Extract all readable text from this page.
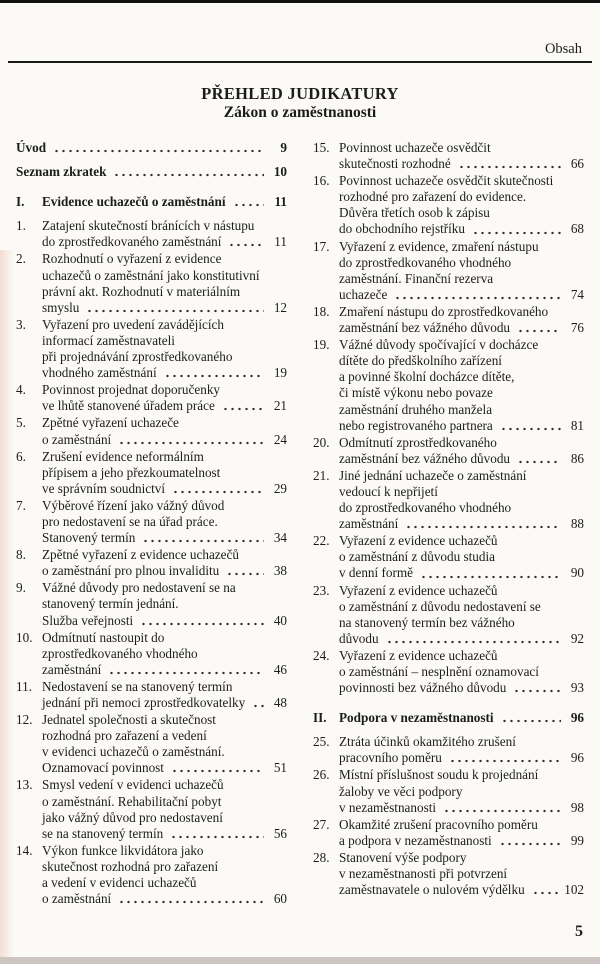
Obsah
PŘEHLED JUDIKATURY
Zákon o zaměstnanosti
Úvod	9
Seznam zkratek	10
I.	Evidence uchazečů o zaměstnání	11
1.	Zatajení skutečností bránících v nástupu
do zprostředkovaného zaměstnání	11
2.	Rozhodnutí o vyřazení z evidence
uchazečů o zaměstnání jako konstitutivní
právní akt. Rozhodnutí v materiálním
smyslu	12
3.	Vyřazení pro uvedení zavádějících
informací zaměstnavateli
při projednávání zprostředkovaného
vhodného zaměstnání	19
4.	Povinnost projednat doporučenky
ve lhůtě stanovené úřadem práce	21
5.	Zpětné vyřazení uchazeče
o zaměstnání	24
6.	Zrušení evidence neformálním
přípisem a jeho přezkoumatelnost
ve správním soudnictví	29
7.	Výběrové řízení jako vážný důvod
pro nedostavení se na úřad práce.
Stanovený termín	34
8.	Zpětné vyřazení z evidence uchazečů
o zaměstnání pro plnou invaliditu	38
9.	Vážné důvody pro nedostavení se na
stanovený termín jednání.
Služba veřejnosti	40
10. Odmítnutí nastoupit do
zprostředkovaného vhodného
zaměstnání	46
11. Nedostavení se na stanovený termín
jednání při nemoci zprostředkovatelky	48
12. Jednatel společnosti a skutečnost
rozhodná pro zařazení a vedení
v evidenci uchazečů o zaměstnání.
Oznamovací povinnost	51
13. Smysl vedení v evidenci uchazečů
o zaměstnání. Rehabilitační pobyt
jako vážný důvod pro nedostavení
se na stanovený termín	56
14. Výkon funkce likvidátora jako
skutečnost rozhodná pro zařazení
a vedení v evidenci uchazečů
o zaměstnání	60
15. Povinnost uchazeče osvědčit
skutečnosti rozhodné	66
16. Povinnost uchazeče osvědčit skutečnosti
rozhodné pro zařazení do evidence.
Důvěra třetích osob k zápisu
do obchodního rejstříku	68
17. Vyřazení z evidence, zmaření nástupu
do zprostředkovaného vhodného
zaměstnání. Finanční rezerva
uchazeče	74
18. Zmaření nástupu do zprostředkovaného
zaměstnání bez vážného důvodu	76
19. Vážné důvody spočívající v docházce
dítěte do předškolního zařízení
a povinné školní docházce dítěte,
či místě výkonu nebo povaze
zaměstnání druhého manžela
nebo registrovaného partnera	81
20. Odmítnutí zprostředkovaného
zaměstnání bez vážného důvodu	86
21. Jiné jednání uchazeče o zaměstnání
vedoucí k nepřijetí
do zprostředkovaného vhodného
zaměstnání	88
22. Vyřazení z evidence uchazečů
o zaměstnání z důvodu studia
v denní formě	90
23. Vyřazení z evidence uchazečů
o zaměstnání z důvodu nedostavení se
na stanovený termín bez vážného
důvodu	92
24. Vyřazení z evidence uchazečů
o zaměstnání – nesplnění oznamovací
povinnosti bez vážného důvodu	93
II. Podpora v nezaměstnanosti	96
25. Ztráta účinků okamžitého zrušení
pracovního poměru	96
26. Místní příslušnost soudu k projednání
žaloby ve věci podpory
v nezaměstnanosti	98
27. Okamžité zrušení pracovního poměru
a podpora v nezaměstnanosti	99
28. Stanovení výše podpory
v nezaměstnanosti při potvrzení
zaměstnavatele o nulovém výdělku	102
5
